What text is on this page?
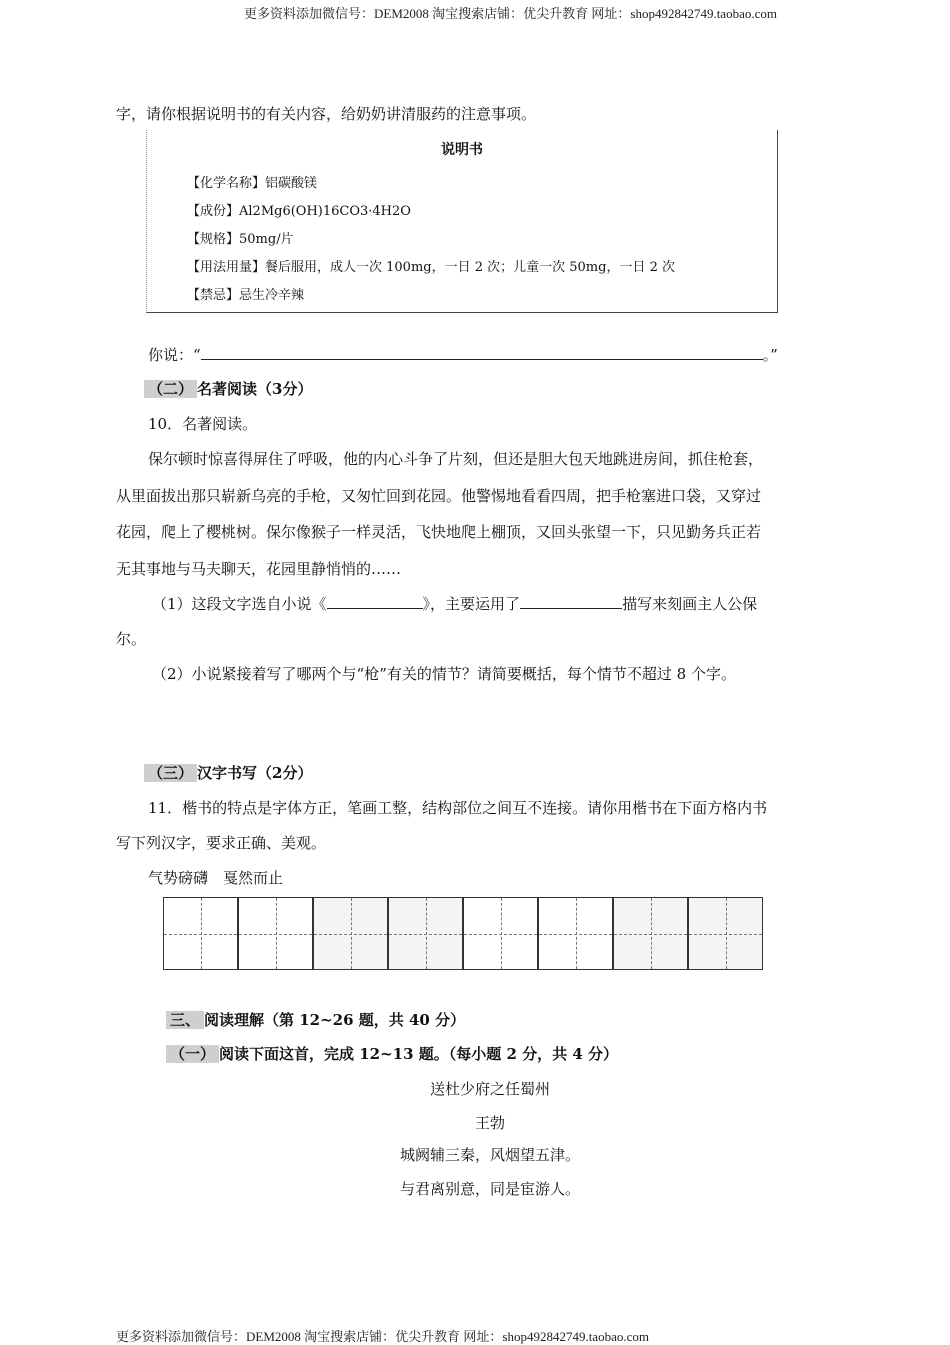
更多资料添加微信号：DEM2008 淘宝搜索店铺：优尖升教育 网址：shop492842749.taobao.com
字，请你根据说明书的有关内容，给奶奶讲清服药的注意事项。
说明书
【化学名称】铝碳酸镁
【成份】Al2Mg6(OH)16CO3·4H2O
【规格】50mg/片
【用法用量】餐后服用，成人一次 100mg，一日 2 次；儿童一次 50mg，一日 2 次
【禁忌】忌生冷辛辣
你说：“	。”
（二） 名著阅读（3分）
10．名著阅读。
保尔顿时惊喜得屏住了呼吸，他的内心斗争了片刻，但还是胆大包天地跳进房间，抓住枪套，
从里面拔出那只崭新乌亮的手枪，又匆忙回到花园。他警惕地看看四周，把手枪塞进口袋，又穿过
花园，爬上了樱桃树。保尔像猴子一样灵活，飞快地爬上棚顶，又回头张望一下，只见勤务兵正若
无其事地与马夫聊天，花园里静悄悄的……
（1）这段文字选自小说《	》，主要运用了	描写来刻画主人公保
尔。
（2）小说紧接着写了哪两个与“枪”有关的情节？请简要概括，每个情节不超过 8 个字。
（三） 汉字书写（2分）
11．楷书的特点是字体方正，笔画工整，结构部位之间互不连接。请你用楷书在下面方格内书
写下列汉字，要求正确、美观。
气势磅礴　戛然而止
三、 阅读理解（第 12~26 题，共 40 分）
（一） 阅读下面这首，完成 12~13 题。（每小题 2 分，共 4 分）
送杜少府之任蜀州
王勃
城阙辅三秦，风烟望五津。
与君离别意，同是宦游人。
更多资料添加微信号：DEM2008 淘宝搜索店铺：优尖升教育 网址：shop492842749.taobao.com
